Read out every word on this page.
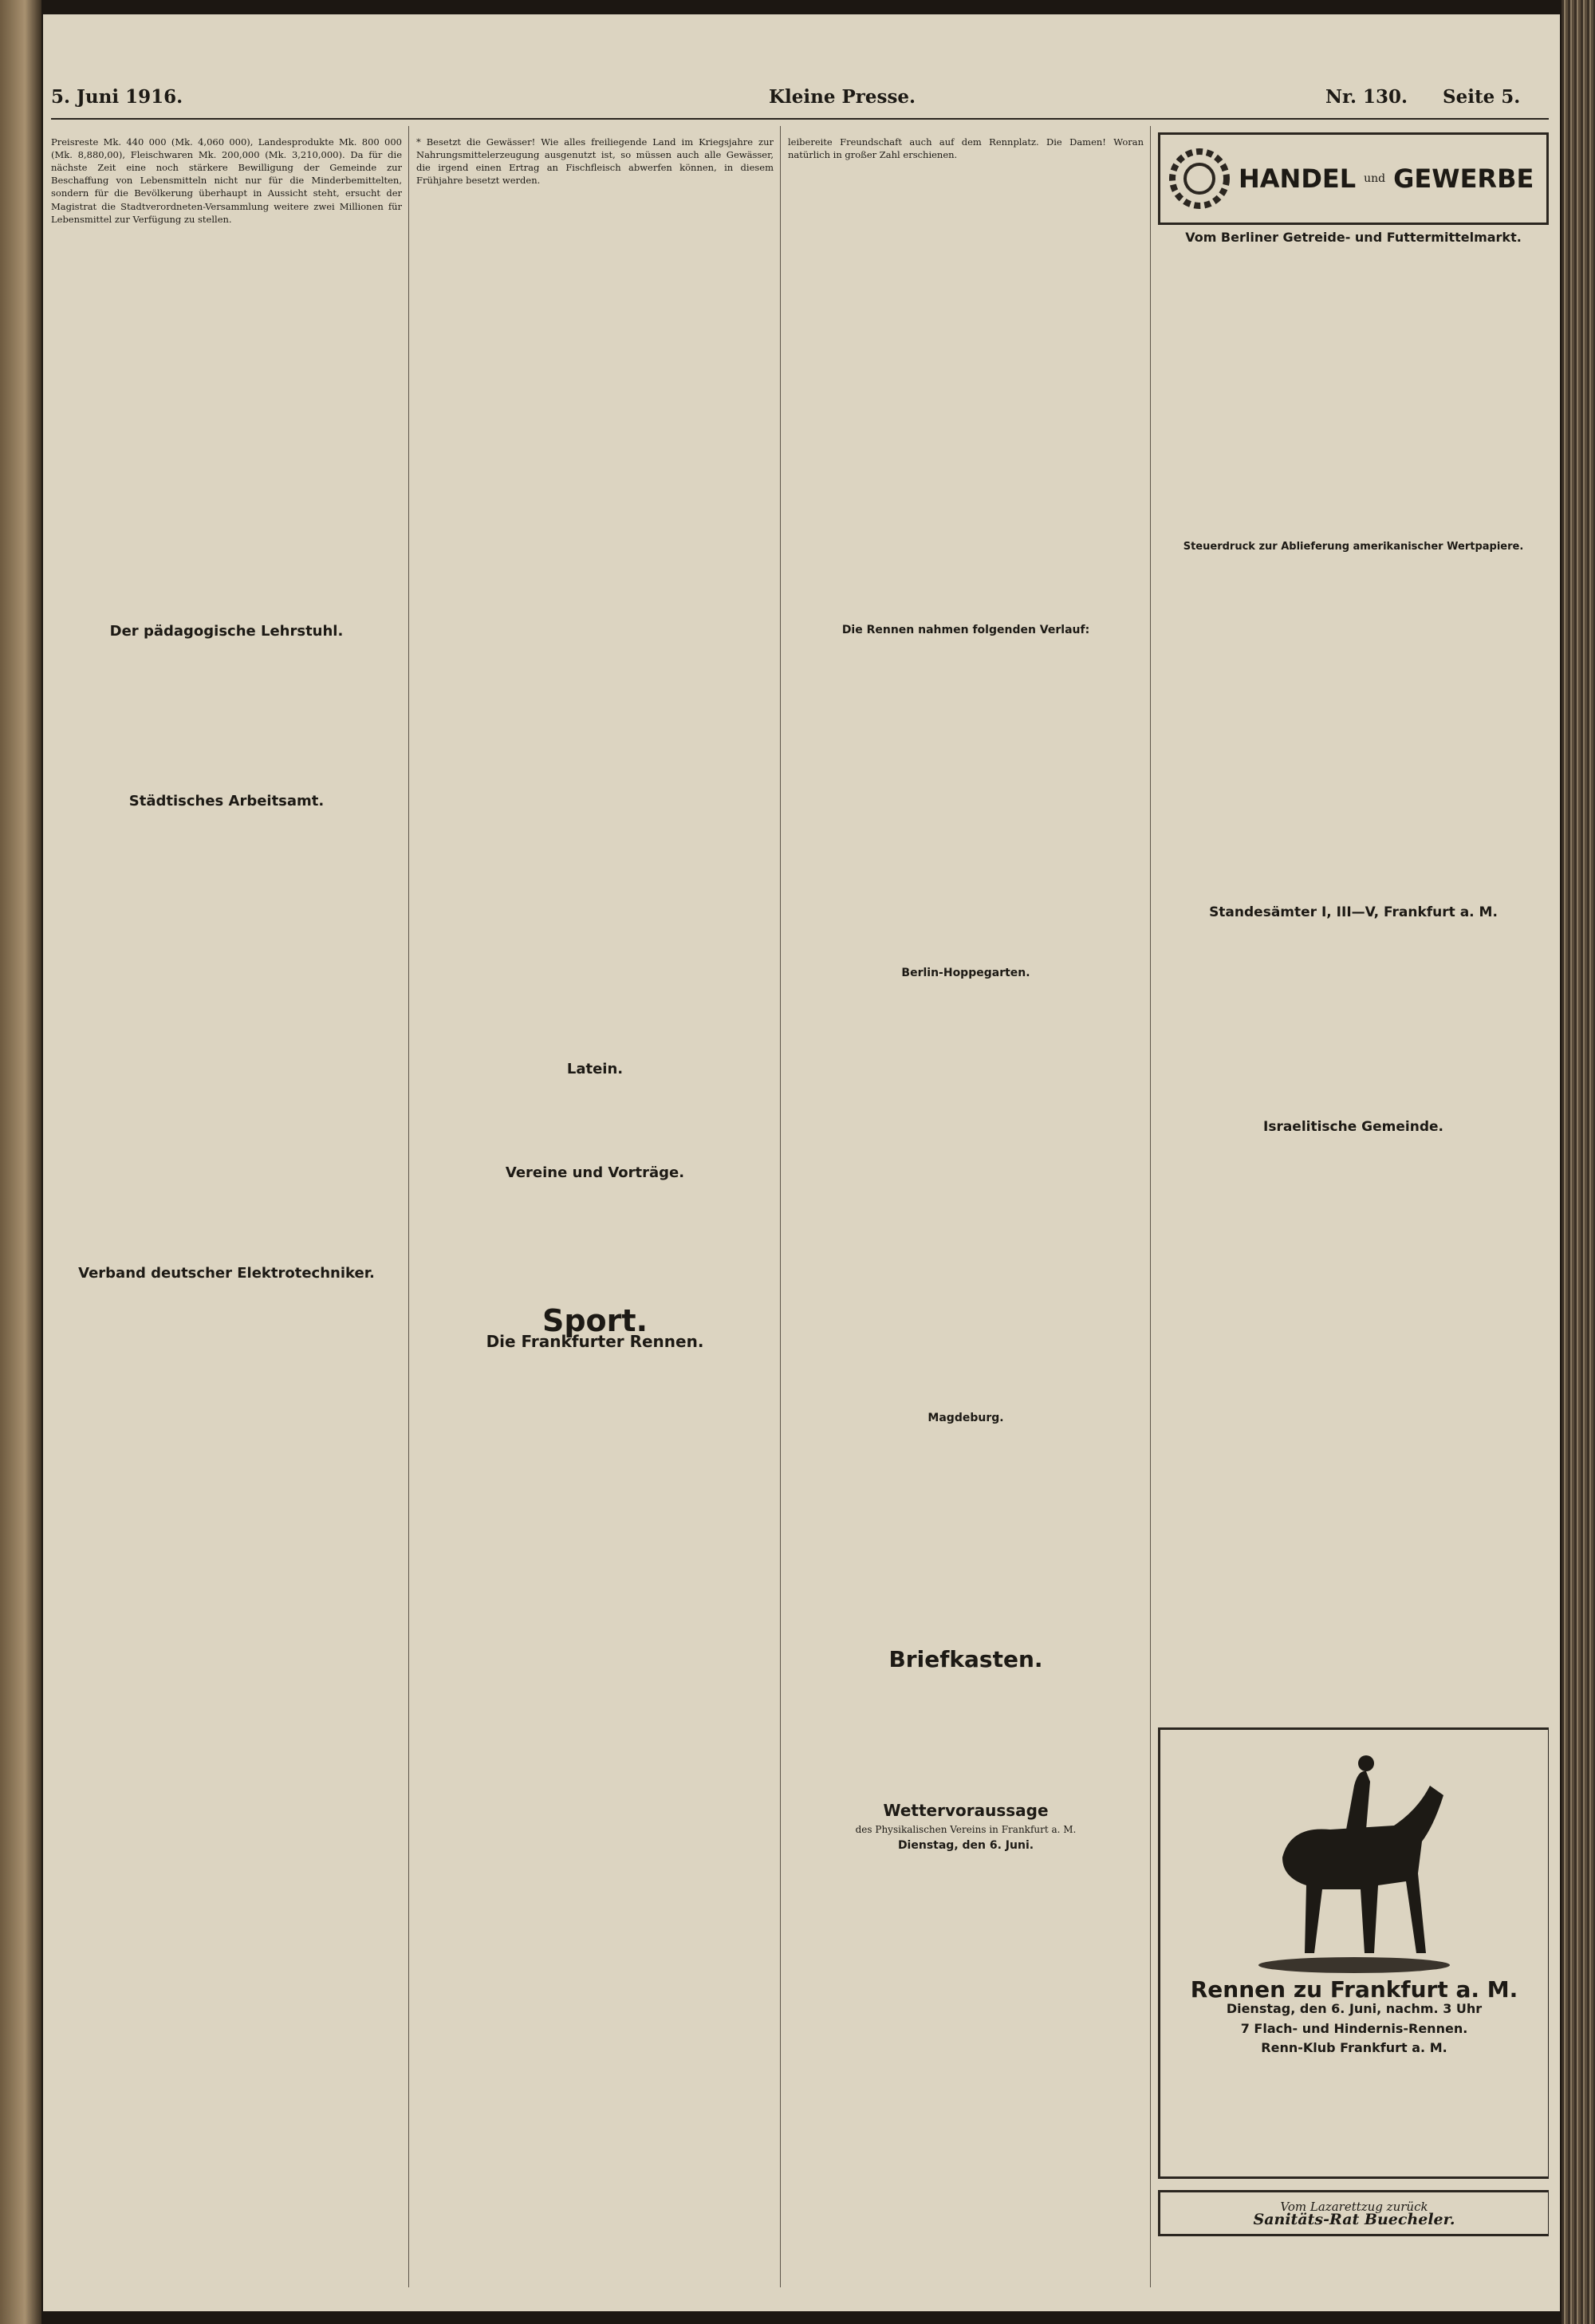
5. Juni 1916.	Kleine Presse.	Nr. 130. Seite 5.

Preisreste Mk. 440 000 (Mk. 4,060 000), Landesprodukte Mk. 800 000 (Mk. 8,880,00), Fleischwaren Mk. 200,000 (Mk. 3,210,000). Da für die nächste Zeit eine noch stärkere Bewilligung der Gemeinde zur Beschaffung von Lebensmitteln nicht nur für die Minderbemittelten, sondern für die Bevölkerung überhaupt in Aussicht steht, ersucht der Magistrat die Stadtverordneten-Versammlung weitere zwei Millionen für Lebensmittel zur Verfügung zu stellen.

Der pädagogische Lehrstuhl.
Städtisches Arbeitsamt.
Verband deutscher Elektrotechniker.

* Besetzt die Gewässer! Wie alles freiliegende Land im Kriegsjahre zur Nahrungsmittelerzeugung ausgenutzt ist, so müssen auch alle Gewässer, die irgend einen Ertrag an Fischfleisch abwerfen können, in diesem Frühjahre besetzt werden.

Latein.
Vereine und Vorträge.
Sport.
Die Frankfurter Rennen.

leibereite Freundschaft auch auf dem Rennplatz. Die Damen! Woran natürlich in großer Zahl erschienen.

Die Rennen nahmen folgenden Verlauf:
Berlin-Hoppegarten.
Magdeburg.
Briefkasten.
Wettervoraussage
des Physikalischen Vereins in Frankfurt a. M.
Dienstag, den 6. Juni.
HANDEL und GEWERBE
Vom Berliner Getreide- und Futtermittelmarkt.
Steuerdruck zur Ablieferung amerikanischer Wertpapiere.
Standesämter I, III—V, Frankfurt a. M.
Israelitische Gemeinde.
Rennen zu Frankfurt a. M.
Dienstag, den 6. Juni, nachm. 3 Uhr
7 Flach- und Hindernis-Rennen.
Renn-Klub Frankfurt a. M.
Vom Lazarettzug zurück
Sanitäts-Rat Buecheler.
